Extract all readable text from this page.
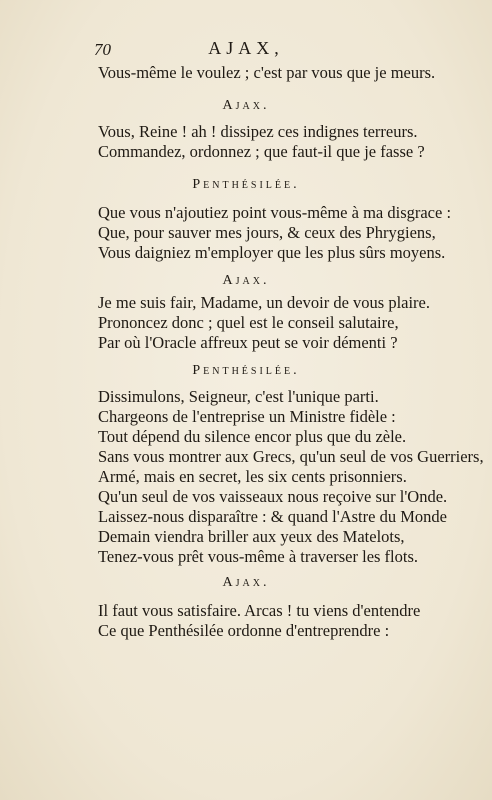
70	AJAX,
Vous-même le voulez ; c'est par vous que je meurs.
Ajax.
Vous, Reine ! ah ! dissipez ces indignes terreurs.
Commandez, ordonnez ; que faut-il que je fasse ?
Penthésilée.
Que vous n'ajoutiez point vous-même à ma disgrace :
Que, pour sauver mes jours, & ceux des Phrygiens,
Vous daigniez m'employer que les plus sûrs moyens.
Ajax.
Je me suis fair, Madame, un devoir de vous plaire.
Prononcez donc ; quel est le conseil salutaire,
Par où l'Oracle affreux peut se voir démenti ?
Penthésilée.
Dissimulons, Seigneur, c'est l'unique parti.
Chargeons de l'entreprise un Ministre fidèle :
Tout dépend du silence encor plus que du zèle.
Sans vous montrer aux Grecs, qu'un seul de vos Guerriers,
Armé, mais en secret, les six cents prisonniers.
Qu'un seul de vos vaisseaux nous reçoive sur l'Onde.
Laissez-nous disparaître : & quand l'Astre du Monde
Demain viendra briller aux yeux des Matelots,
Tenez-vous prêt vous-même à traverser les flots.
Ajax.
Il faut vous satisfaire. Arcas ! tu viens d'entendre
Ce que Penthésilée ordonne d'entreprendre :
